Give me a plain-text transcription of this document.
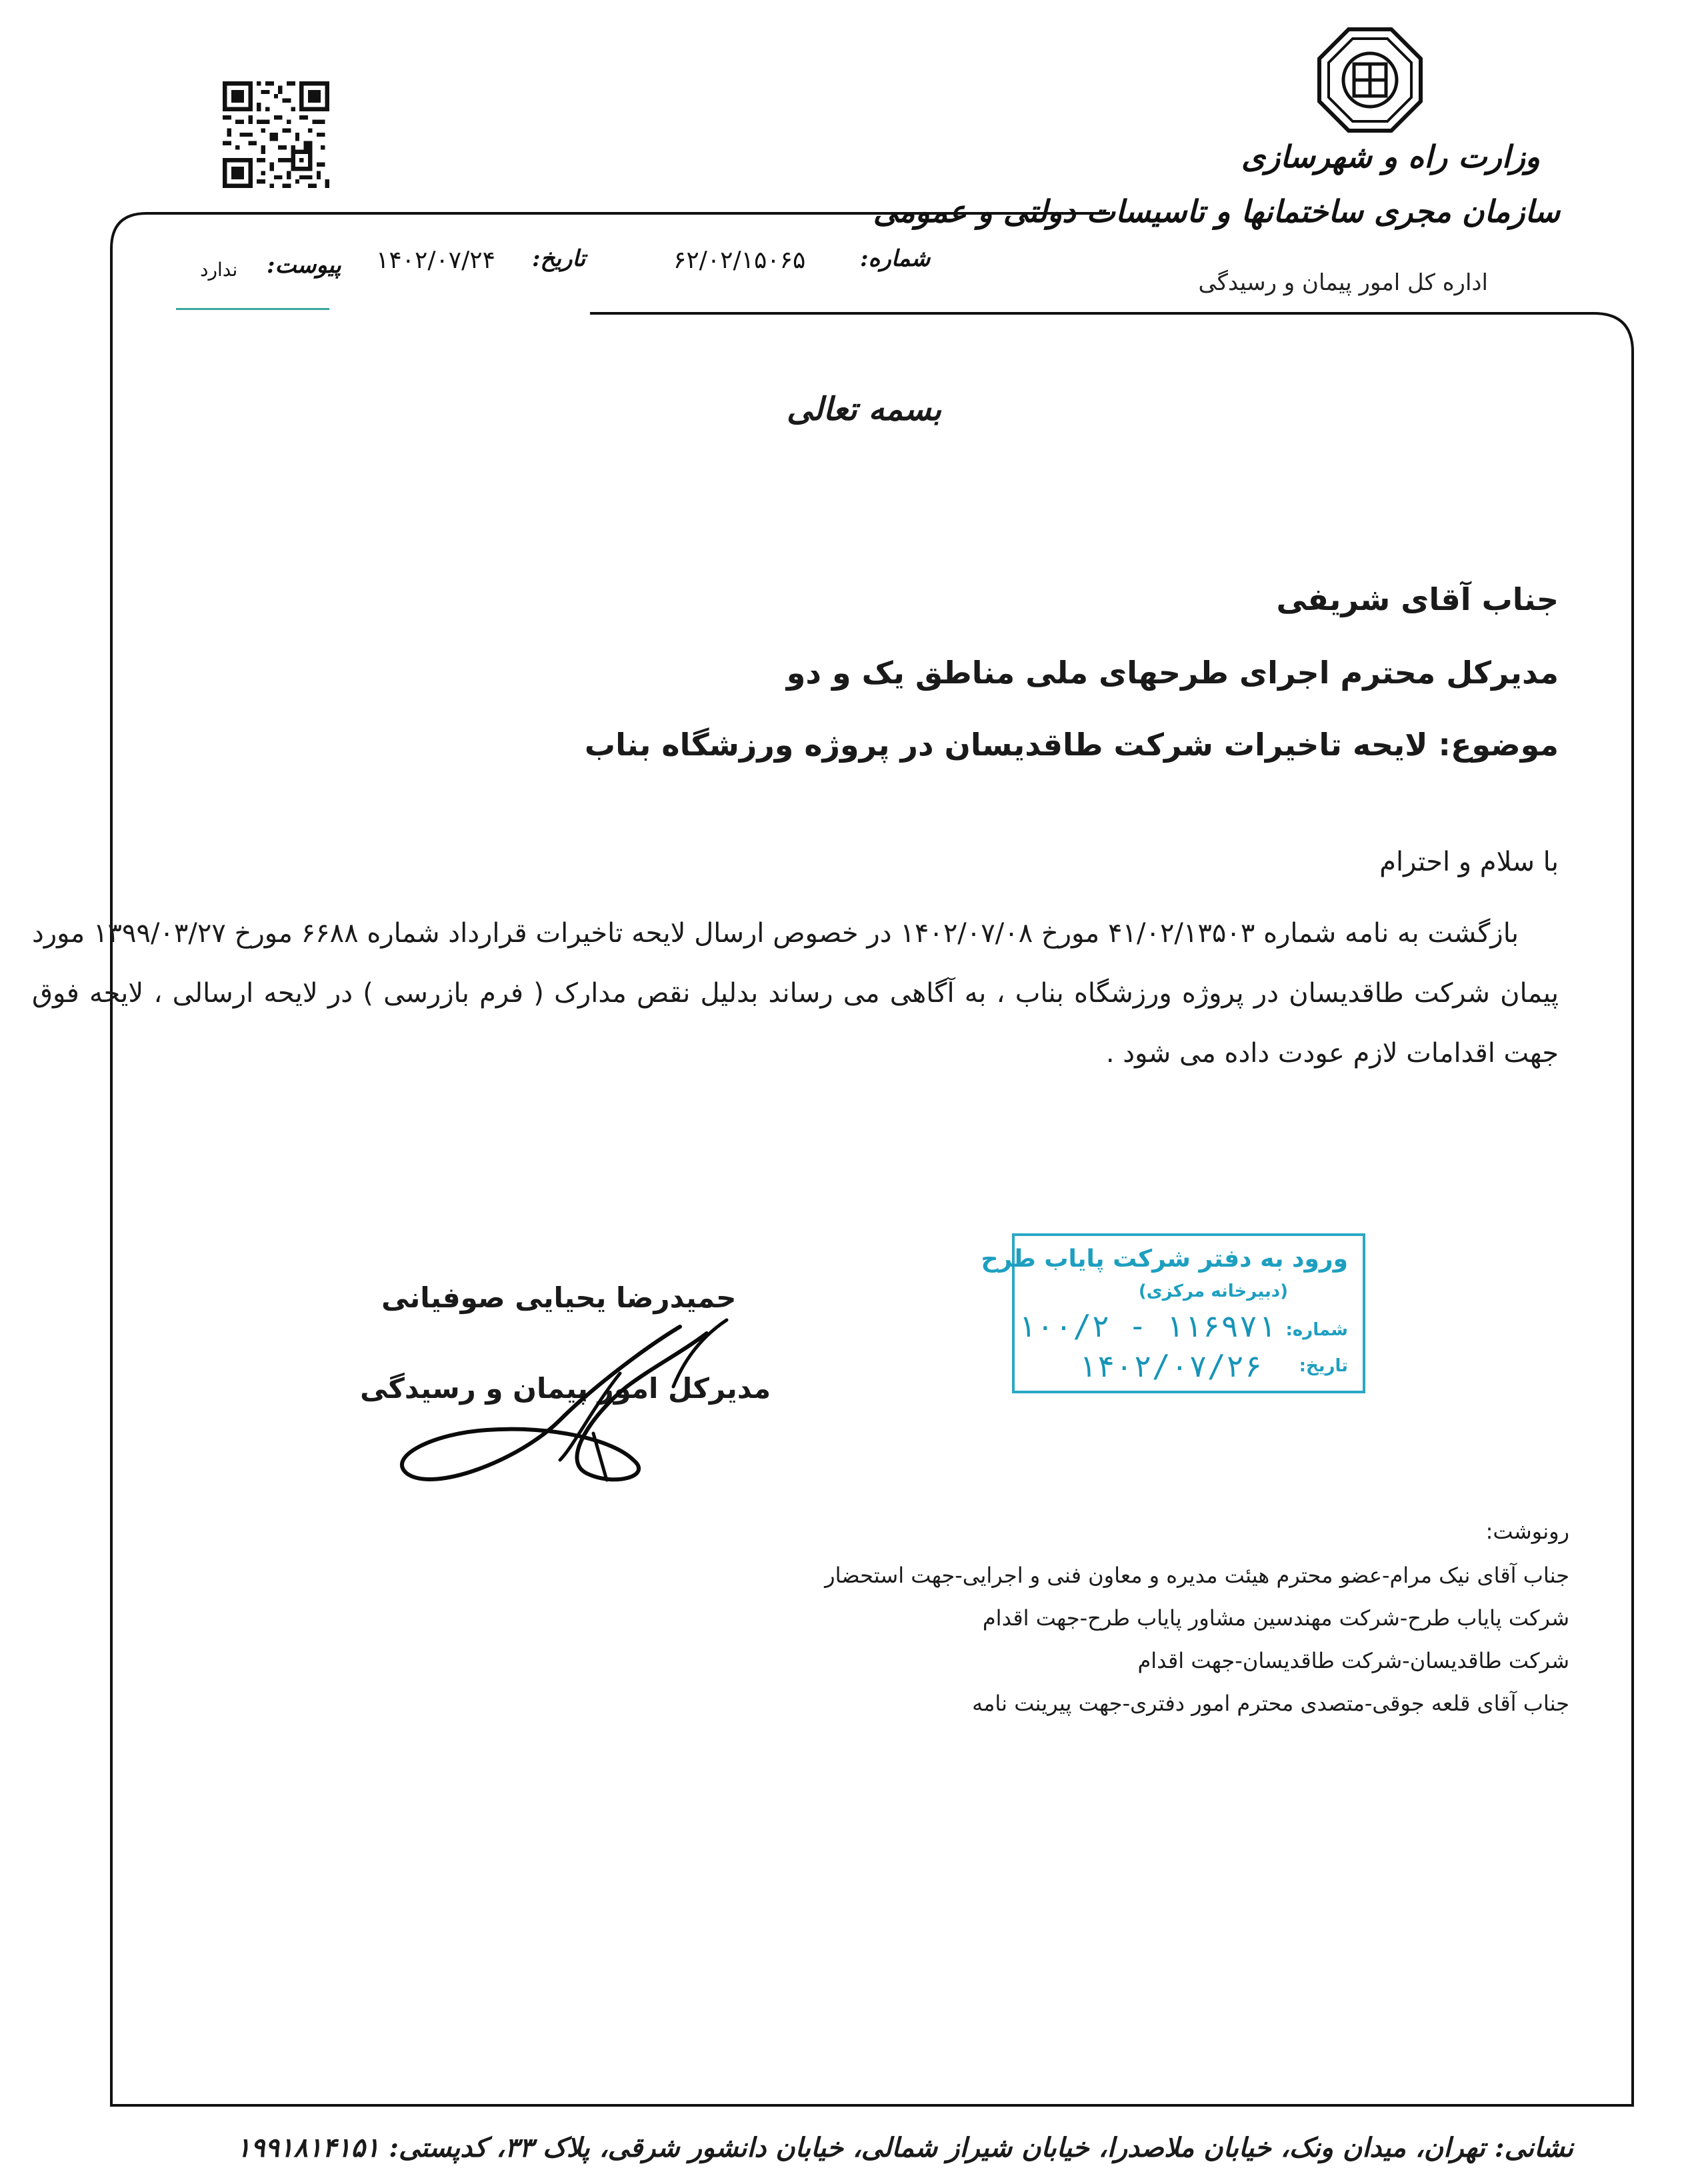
وزارت راه و شهرسازی
سازمان مجری ساختمانها و تاسیسات دولتی و عمومی
اداره کل امور پیمان و رسیدگی
شماره:
۶۲/۰۲/۱۵۰۶۵
تاریخ:
۱۴۰۲/۰۷/۲۴
پیوست:
ندارد
بسمه تعالی
جناب آقای شریفی
مدیرکل محترم اجرای طرحهای ملی مناطق یک و دو
موضوع: لایحه تاخیرات شرکت طاقدیسان در پروژه ورزشگاه بناب
با سلام و احترام
بازگشت به نامه شماره ۴۱/۰۲/۱۳۵۰۳ مورخ ۱۴۰۲/۰۷/۰۸ در خصوص ارسال لایحه تاخیرات قرارداد شماره ۶۶۸۸ مورخ ۱۳۹۹/۰۳/۲۷ مورد پیمان شرکت طاقدیسان در پروژه ورزشگاه بناب ، به آگاهی می رساند بدلیل نقص مدارک ( فرم بازرسی ) در لایحه ارسالی ، لایحه فوق جهت اقدامات لازم عودت داده می شود .
ورود به دفتر شرکت پایاب طرح
(دبیرخانه مرکزی)
شماره:
۱۱۶۹۷۱ - ۱۰۰/۲
تاریخ:
۱۴۰۲/۰۷/۲۶
حمیدرضا یحیایی صوفیانی
مدیرکل امور پیمان و رسیدگی
رونوشت:
جناب آقای نیک مرام-عضو محترم هیئت مدیره و معاون فنی و اجرایی-جهت استحضار
شرکت پایاب طرح-شرکت مهندسین مشاور پایاب طرح-جهت اقدام
شرکت طاقدیسان-شرکت طاقدیسان-جهت اقدام
جناب آقای قلعه جوقی-متصدی محترم امور دفتری-جهت پیرینت نامه
نشانی: تهران، میدان ونک، خیابان ملاصدرا، خیابان شیراز شمالی، خیابان دانشور شرقی، پلاک ۳۳، کدپستی: ۱۹۹۱۸۱۴۱۵۱
